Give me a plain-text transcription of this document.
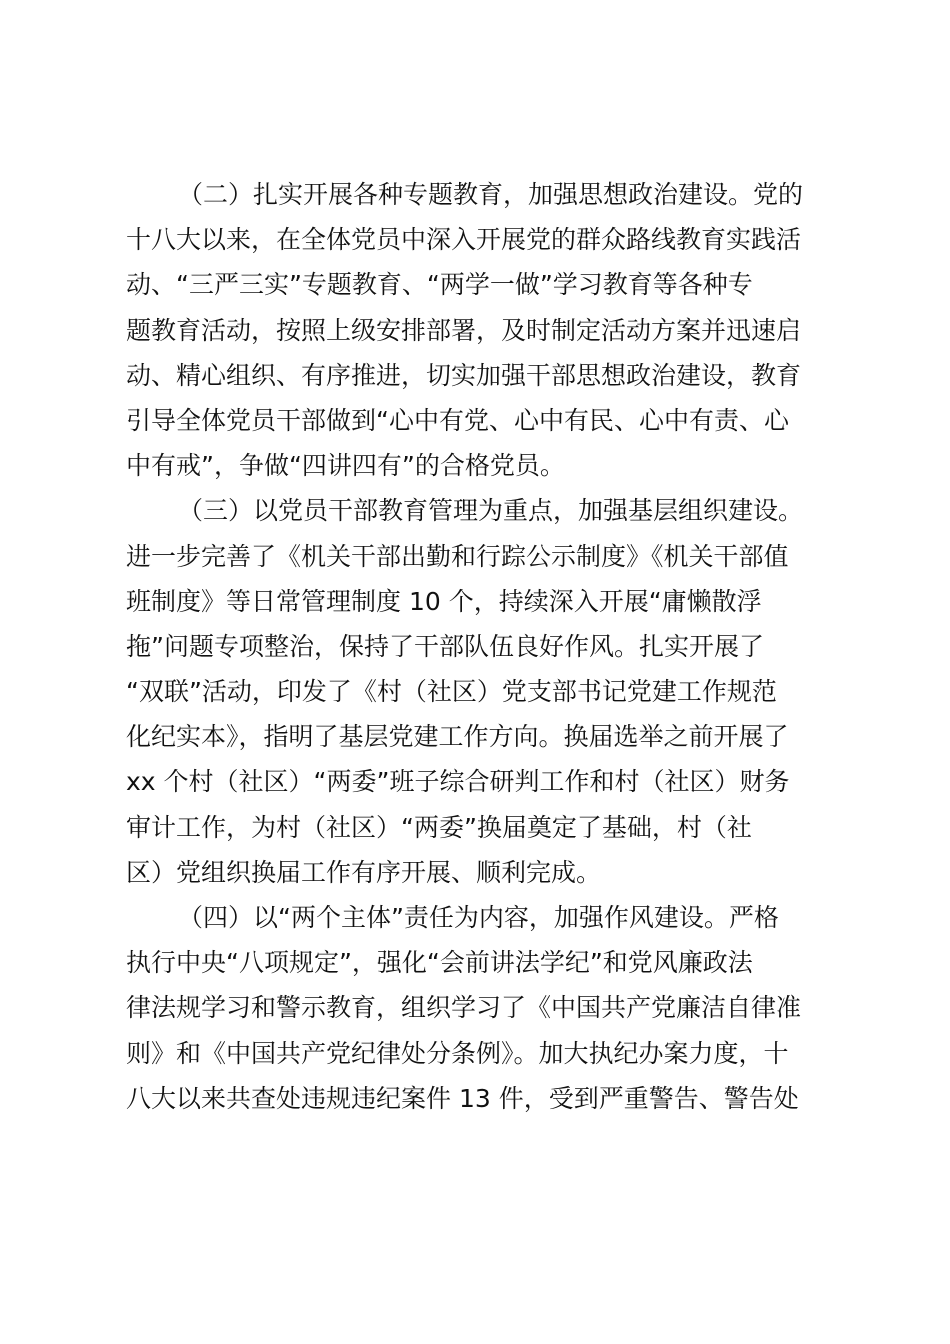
（二）扎实开展各种专题教育，加强思想政治建设。党的
十八大以来，在全体党员中深入开展党的群众路线教育实践活
动、“三严三实”专题教育、“两学一做”学习教育等各种专
题教育活动，按照上级安排部署，及时制定活动方案并迅速启
动、精心组织、有序推进，切实加强干部思想政治建设，教育
引导全体党员干部做到“心中有党、心中有民、心中有责、心
中有戒”，争做“四讲四有”的合格党员。
（三）以党员干部教育管理为重点，加强基层组织建设。
进一步完善了《机关干部出勤和行踪公示制度》《机关干部值
班制度》等日常管理制度 10 个，持续深入开展“庸懒散浮
拖”问题专项整治，保持了干部队伍良好作风。扎实开展了
“双联”活动，印发了《村（社区）党支部书记党建工作规范
化纪实本》，指明了基层党建工作方向。换届选举之前开展了
xx 个村（社区）“两委”班子综合研判工作和村（社区）财务
审计工作，为村（社区）“两委”换届奠定了基础，村（社
区）党组织换届工作有序开展、顺利完成。
（四）以“两个主体”责任为内容，加强作风建设。严格
执行中央“八项规定”，强化“会前讲法学纪”和党风廉政法
律法规学习和警示教育，组织学习了《中国共产党廉洁自律准
则》和《中国共产党纪律处分条例》。加大执纪办案力度，十
八大以来共查处违规违纪案件 13 件，受到严重警告、警告处
